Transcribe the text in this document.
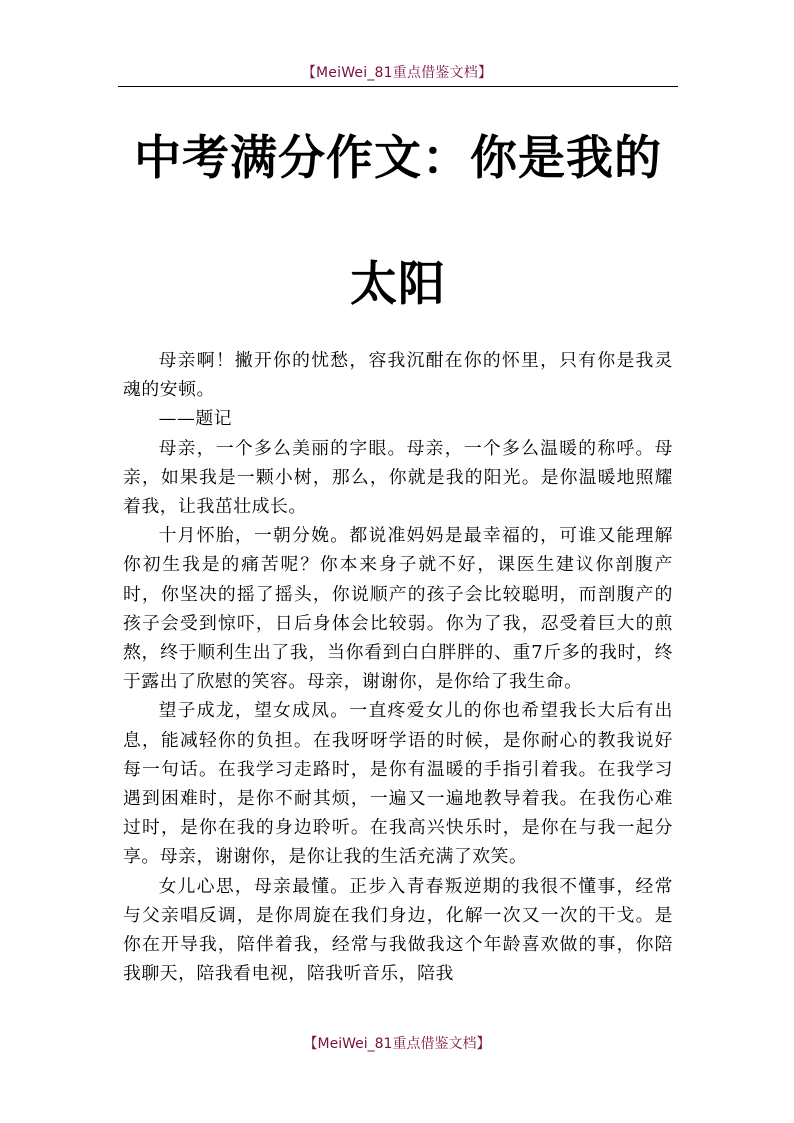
【MeiWei_81重点借鉴文档】
中考满分作文：你是我的
太阳

母亲啊！撇开你的忧愁，容我沉酣在你的怀里，只有你是我灵魂的安顿。

——题记

母亲，一个多么美丽的字眼。母亲，一个多么温暖的称呼。母亲，如果我是一颗小树，那么，你就是我的阳光。是你温暖地照耀着我，让我茁壮成长。

十月怀胎，一朝分娩。都说准妈妈是最幸福的，可谁又能理解你初生我是的痛苦呢？你本来身子就不好，课医生建议你剖腹产时，你坚决的摇了摇头，你说顺产的孩子会比较聪明，而剖腹产的孩子会受到惊吓，日后身体会比较弱。你为了我，忍受着巨大的煎熬，终于顺利生出了我，当你看到白白胖胖的、重7斤多的我时，终于露出了欣慰的笑容。母亲，谢谢你，是你给了我生命。

望子成龙，望女成凤。一直疼爱女儿的你也希望我长大后有出息，能减轻你的负担。在我呀呀学语的时候，是你耐心的教我说好每一句话。在我学习走路时，是你有温暖的手指引着我。在我学习遇到困难时，是你不耐其烦，一遍又一遍地教导着我。在我伤心难过时，是你在我的身边聆听。在我高兴快乐时，是你在与我一起分享。母亲，谢谢你，是你让我的生活充满了欢笑。

女儿心思，母亲最懂。正步入青春叛逆期的我很不懂事，经常与父亲唱反调，是你周旋在我们身边，化解一次又一次的干戈。是你在开导我，陪伴着我，经常与我做我这个年龄喜欢做的事，你陪我聊天，陪我看电视，陪我听音乐，陪我

【MeiWei_81重点借鉴文档】
